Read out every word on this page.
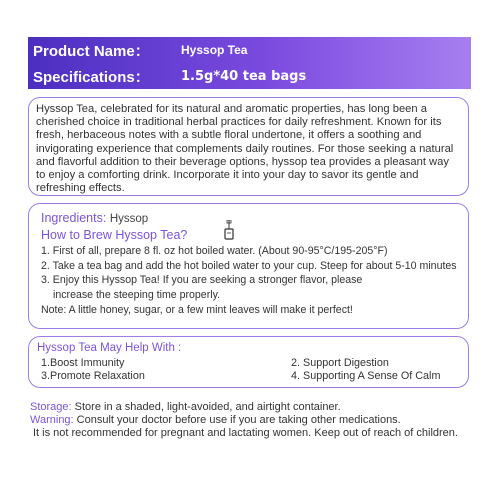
Product Name：	Hyssop Tea
Specifications：	1.5g*40 tea bags

Hyssop Tea, celebrated for its natural and aromatic properties, has long been a cherished choice in traditional herbal practices for daily refreshment. Known for its fresh, herbaceous notes with a subtle floral undertone, it offers a soothing and invigorating experience that complements daily routines. For those seeking a natural and flavorful addition to their beverage options, hyssop tea provides a pleasant way to enjoy a comforting drink. Incorporate it into your day to savor its gentle and refreshing effects.

Ingredients: Hyssop
How to Brew Hyssop Tea?
1. First of all, prepare 8 fl. oz hot boiled water. (About 90-95°C/195-205°F)
2. Take a tea bag and add the hot boiled water to your cup. Steep for about 5-10 minutes
3. Enjoy this Hyssop Tea! If you are seeking a stronger flavor, please
increase the steeping time properly.
Note: A little honey, sugar, or a few mint leaves will make it perfect!
Hyssop Tea May Help With :
1.Boost Immunity	2. Support Digestion
3.Promote Relaxation	4. Supporting A Sense Of Calm
Storage: Store in a shaded, light-avoided, and airtight container.
Warning: Consult your doctor before use if you are taking other medications.
It is not recommended for pregnant and lactating women. Keep out of reach of children.
